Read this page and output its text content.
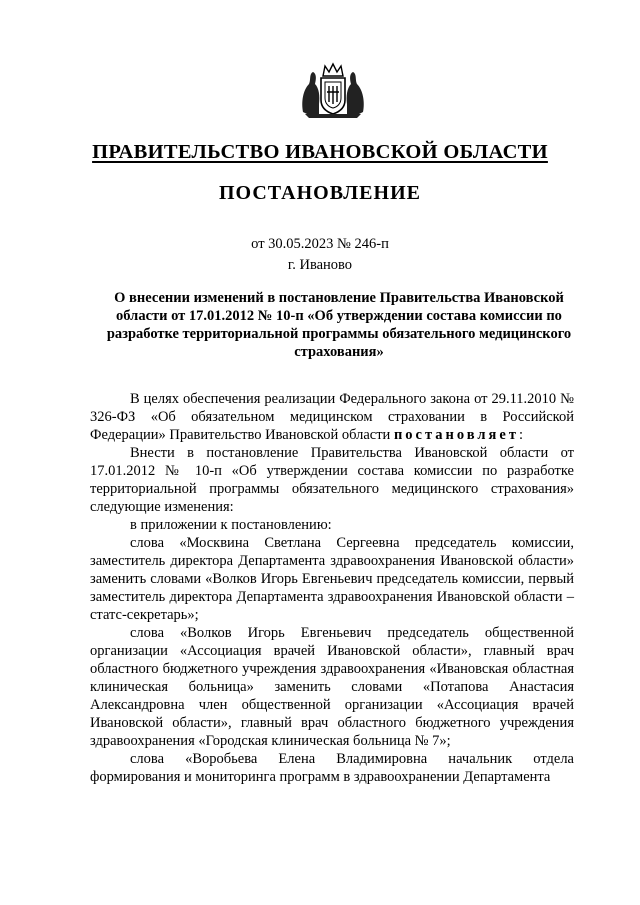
ПРАВИТЕЛЬСТВО ИВАНОВСКОЙ ОБЛАСТИ
ПОСТАНОВЛЕНИЕ
от 30.05.2023 № 246-п
г. Иваново
О внесении изменений в постановление Правительства Ивановской области от 17.01.2012 № 10-п «Об утверждении состава комиссии по разработке территориальной программы обязательного медицинского страхования»

В целях обеспечения реализации Федерального закона от 29.11.2010 № 326-ФЗ «Об обязательном медицинском страховании в Российской Федерации» Правительство Ивановской области постановляет:

Внести в постановление Правительства Ивановской области от 17.01.2012 № 10-п «Об утверждении состава комиссии по разработке территориальной программы обязательного медицинского страхования» следующие изменения:

в приложении к постановлению:

слова «Москвина Светлана Сергеевна председатель комиссии, заместитель директора Департамента здравоохранения Ивановской области» заменить словами «Волков Игорь Евгеньевич председатель комиссии, первый заместитель директора Департамента здравоохранения Ивановской области – статс-секретарь»;

слова «Волков Игорь Евгеньевич председатель общественной организации «Ассоциация врачей Ивановской области», главный врач областного бюджетного учреждения здравоохранения «Ивановская областная клиническая больница» заменить словами «Потапова Анастасия Александровна член общественной организации «Ассоциация врачей Ивановской области», главный врач областного бюджетного учреждения здравоохранения «Городская клиническая больница № 7»;

слова «Воробьева Елена Владимировна начальник отдела формирования и мониторинга программ в здравоохранении Департамента
